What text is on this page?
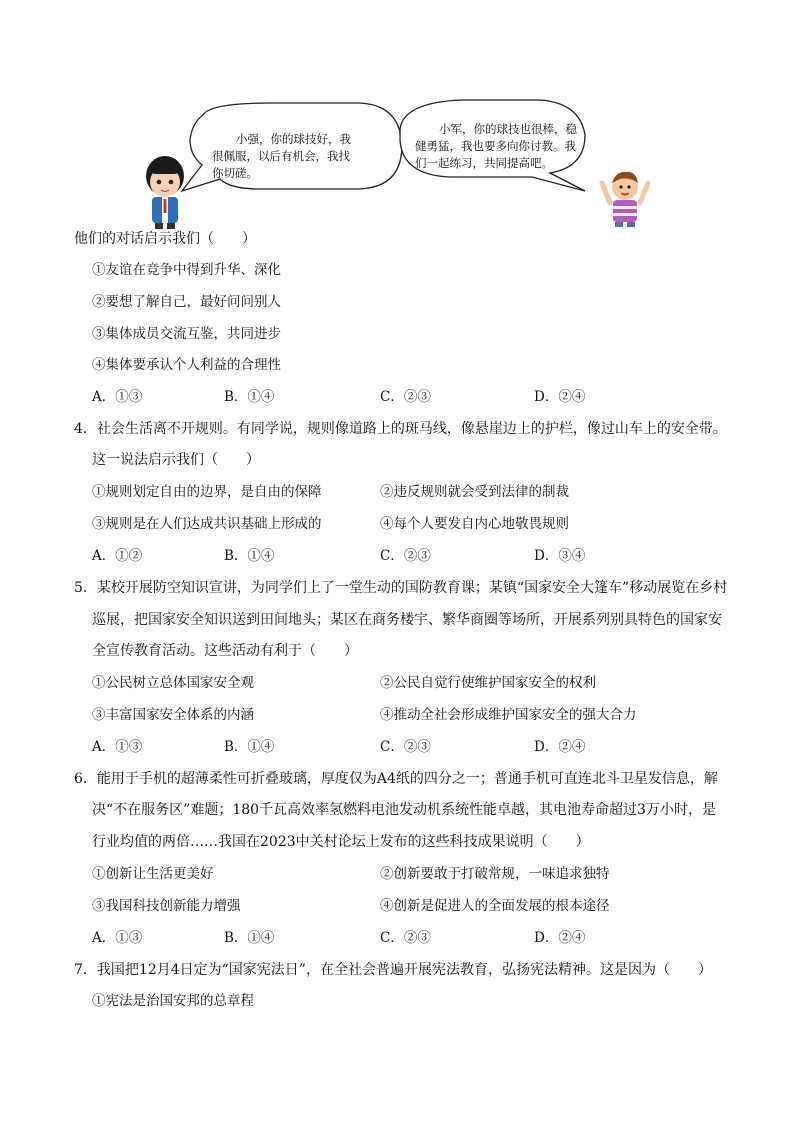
小强，你的球技好，我
很佩服，以后有机会，我找
你切磋。
小军，你的球技也很棒，稳
健勇猛，我也要多向你讨教。我
们一起练习，共同提高吧。
他们的对话启示我们（　　）
①友谊在竞争中得到升华、深化
②要想了解自己，最好问问别人
③集体成员交流互鉴，共同进步
④集体要承认个人利益的合理性
A．①③	B．①④	C．②③	D．②④
4．社会生活离不开规则。有同学说，规则像道路上的斑马线，像悬崖边上的护栏，像过山车上的安全带。
这一说法启示我们（　　）
①规则划定自由的边界，是自由的保障	②违反规则就会受到法律的制裁
③规则是在人们达成共识基础上形成的	④每个人要发自内心地敬畏规则
A．①②	B．①④	C．②③	D．③④
5．某校开展防空知识宣讲，为同学们上了一堂生动的国防教育课；某镇“国家安全大篷车”移动展览在乡村
巡展，把国家安全知识送到田间地头；某区在商务楼宇、繁华商圈等场所，开展系列别具特色的国家安
全宣传教育活动。这些活动有利于（　　）
①公民树立总体国家安全观	②公民自觉行使维护国家安全的权利
③丰富国家安全体系的内涵	④推动全社会形成维护国家安全的强大合力
A．①③	B．①④	C．②③	D．②④
6．能用于手机的超薄柔性可折叠玻璃，厚度仅为A4纸的四分之一；普通手机可直连北斗卫星发信息，解
决“不在服务区”难题；180千瓦高效率氢燃料电池发动机系统性能卓越，其电池寿命超过3万小时，是
行业均值的两倍……我国在2023中关村论坛上发布的这些科技成果说明（　　）
①创新让生活更美好	②创新要敢于打破常规，一味追求独特
③我国科技创新能力增强	④创新是促进人的全面发展的根本途径
A．①③	B．①④	C．②③	D．②④
7．我国把12月4日定为“国家宪法日”，在全社会普遍开展宪法教育，弘扬宪法精神。这是因为（　　）
①宪法是治国安邦的总章程
